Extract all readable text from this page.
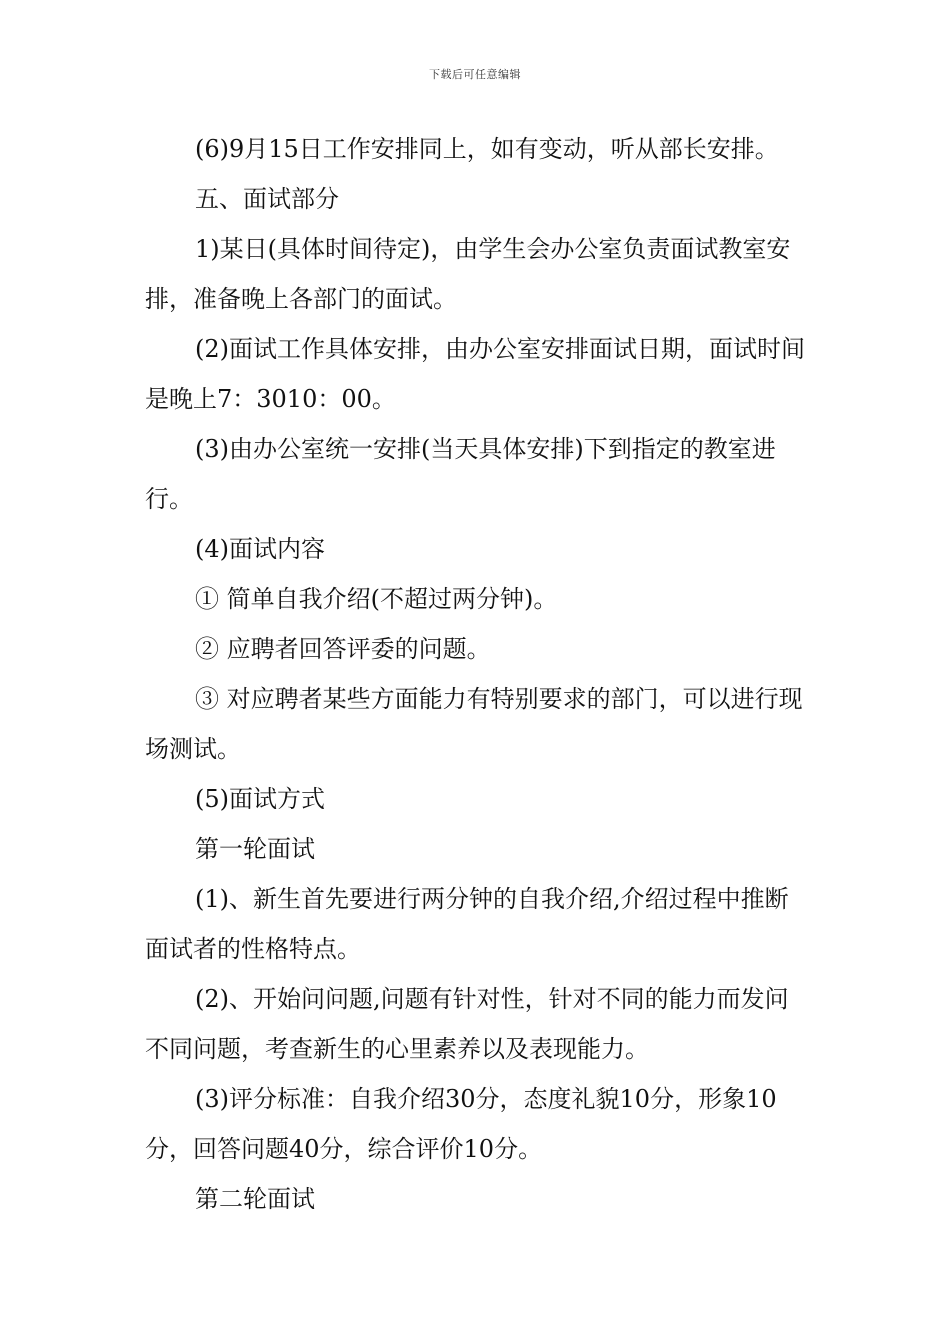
下载后可任意编辑

(6)9月15日工作安排同上，如有变动，听从部长安排。

五、面试部分

1)某日(具体时间待定)，由学生会办公室负责面试教室安排，准备晚上各部门的面试。

(2)面试工作具体安排，由办公室安排面试日期，面试时间是晚上7：3010：00。

(3)由办公室统一安排(当天具体安排)下到指定的教室进行。

(4)面试内容

① 简单自我介绍(不超过两分钟)。

② 应聘者回答评委的问题。

③ 对应聘者某些方面能力有特别要求的部门，可以进行现场测试。

(5)面试方式

第一轮面试

(1)、新生首先要进行两分钟的自我介绍,介绍过程中推断面试者的性格特点。

(2)、开始问问题,问题有针对性，针对不同的能力而发问不同问题，考查新生的心里素养以及表现能力。

(3)评分标准：自我介绍30分，态度礼貌10分，形象10分，回答问题40分，综合评价10分。

第二轮面试
